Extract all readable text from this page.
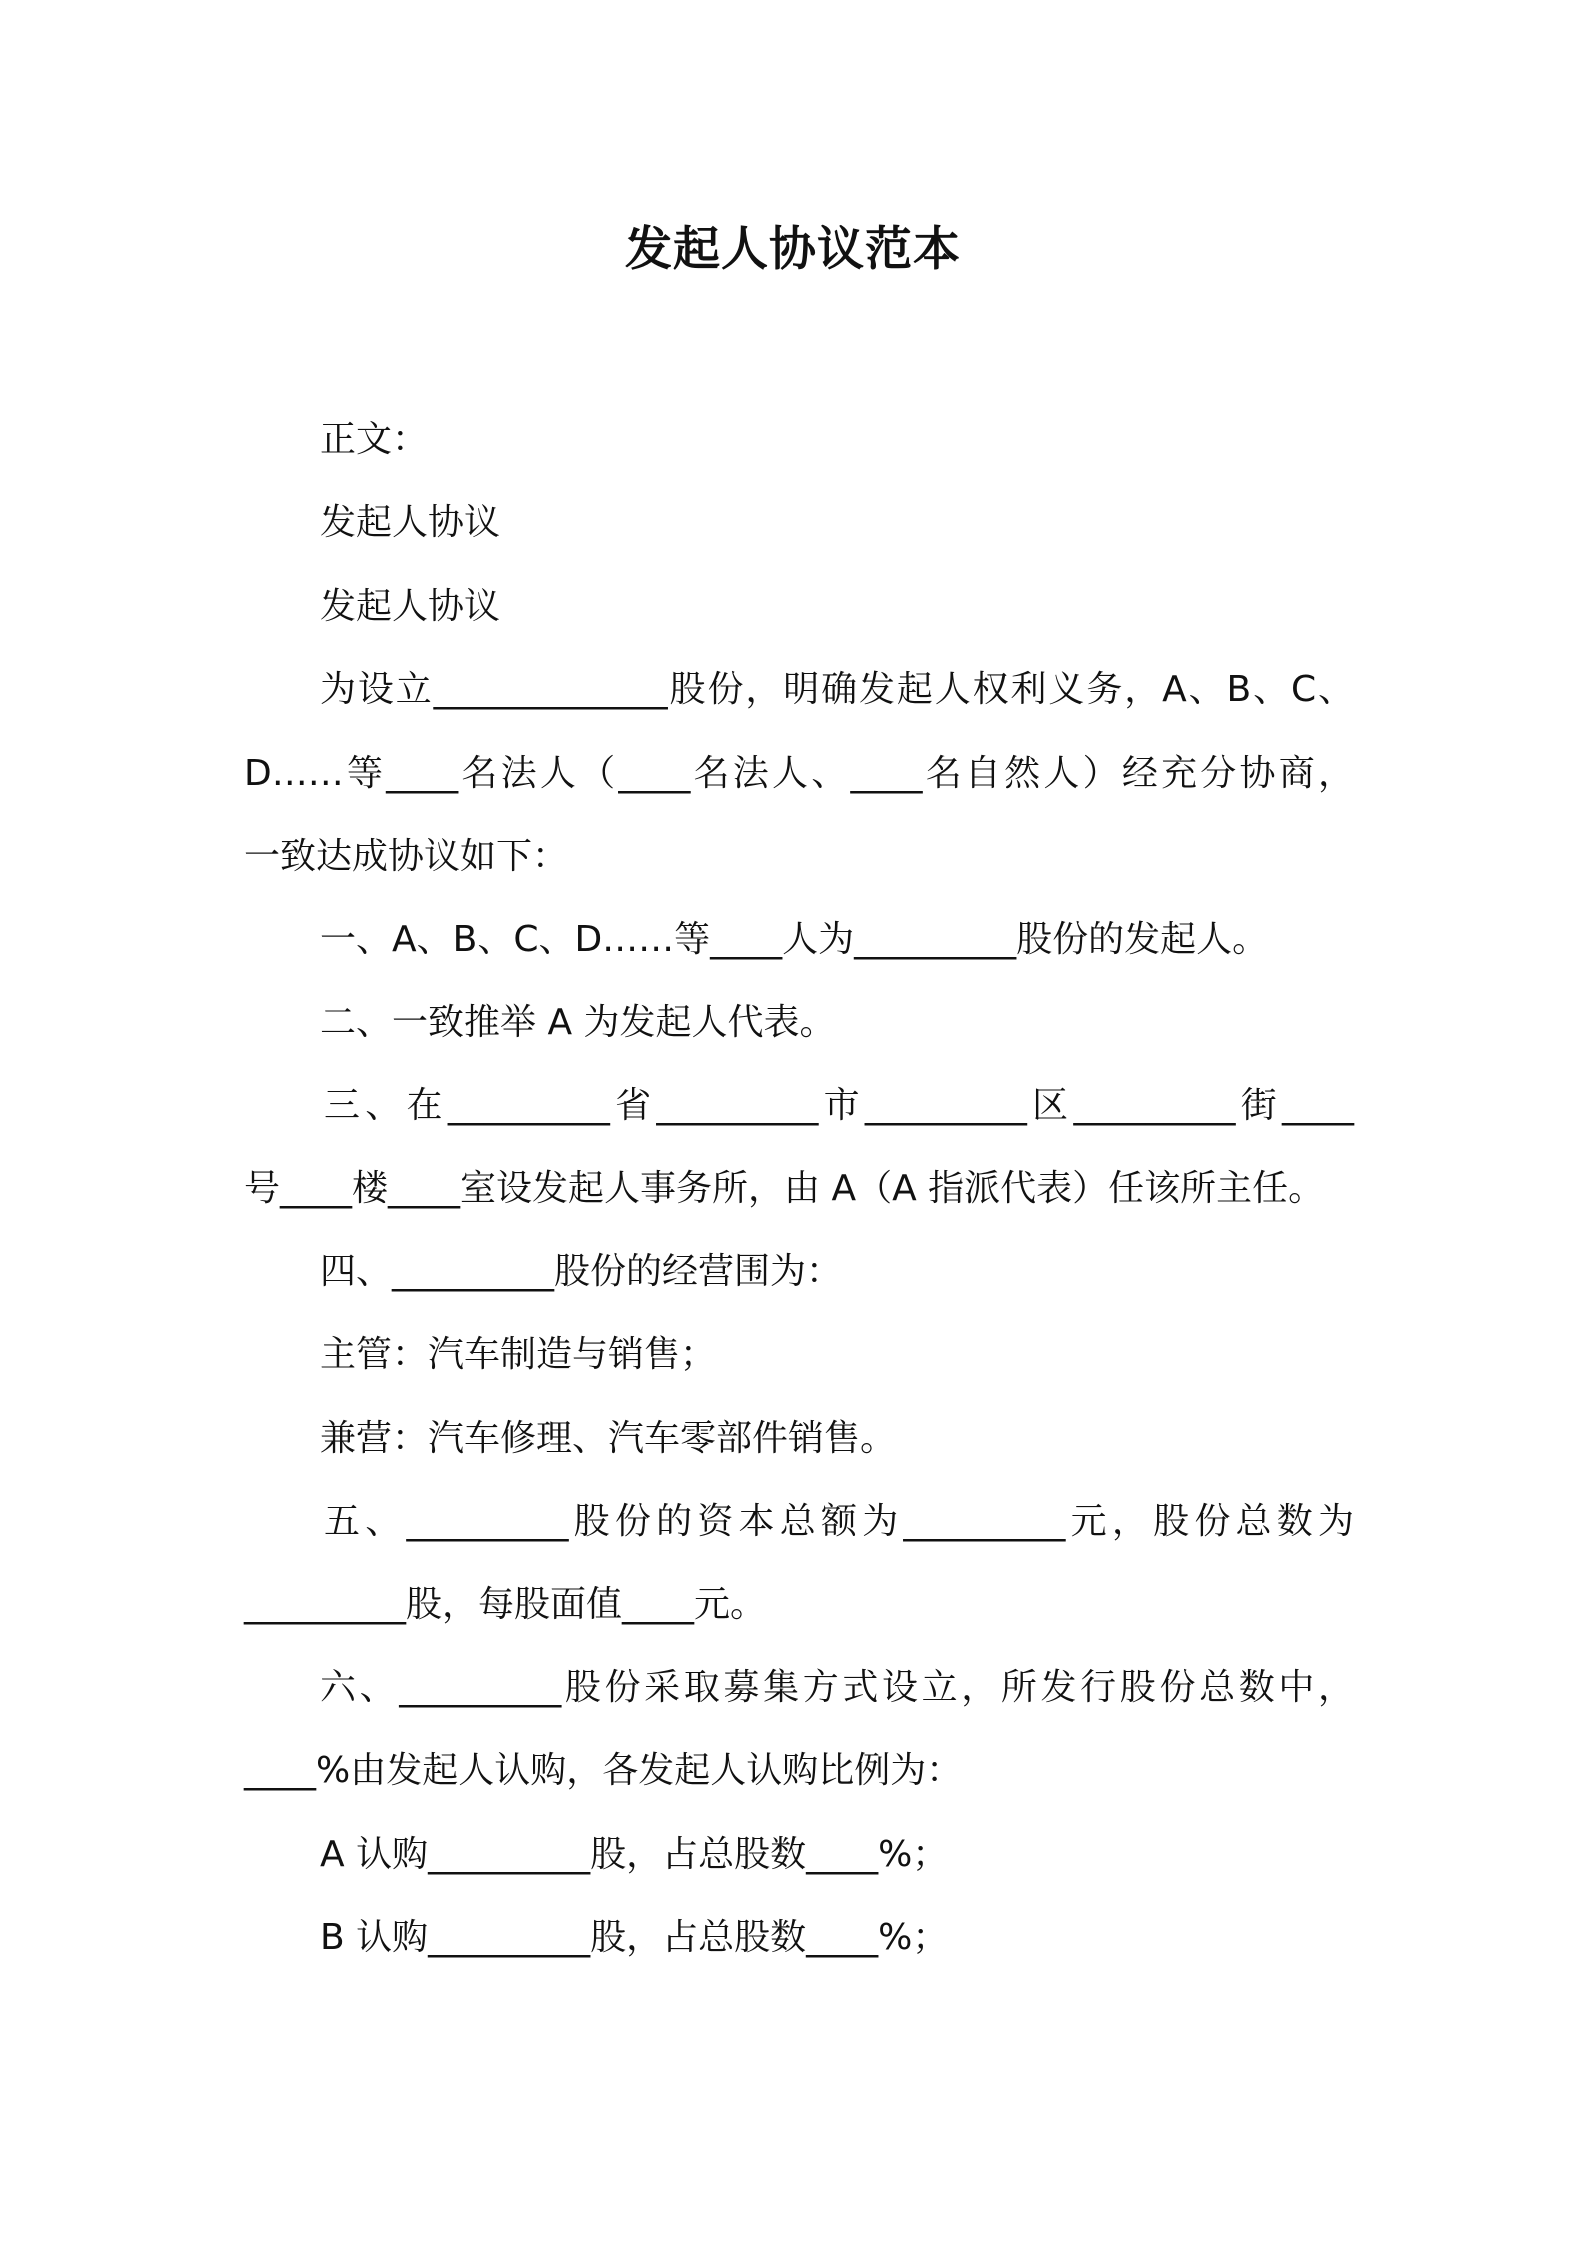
发起人协议范本
正文：
发起人协议
发起人协议
为设立_____________股份，明确发起人权利义务，A、B、C、
D……等____名法人（____名法人、____名自然人）经充分协商，
一致达成协议如下：
一、A、B、C、D……等____人为_________股份的发起人。
二、一致推举 A 为发起人代表。
三、在_________省_________市_________区_________街____
号____楼____室设发起人事务所，由 A（A 指派代表）任该所主任。
四、_________股份的经营围为：
主管：汽车制造与销售；
兼营：汽车修理、汽车零部件销售。
五、_________股份的资本总额为_________元，股份总数为
_________股，每股面值____元。
六、_________股份采取募集方式设立，所发行股份总数中，
____%由发起人认购，各发起人认购比例为：
A 认购_________股，占总股数____%；
B 认购_________股，占总股数____%；
